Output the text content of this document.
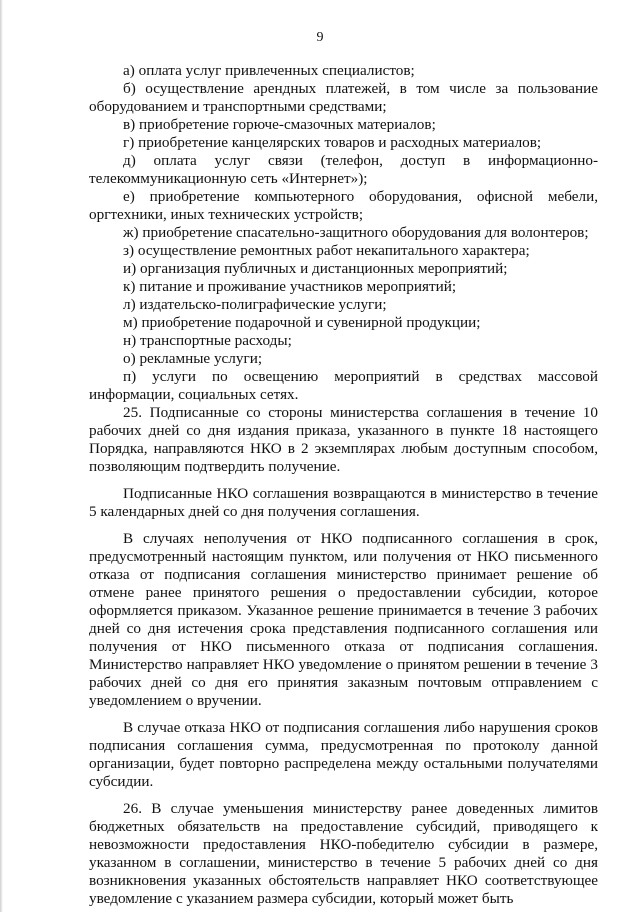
9

а) оплата услуг привлеченных специалистов;

б) осуществление арендных платежей, в том числе за пользование оборудованием и транспортными средствами;

в) приобретение горюче-смазочных материалов;

г) приобретение канцелярских товаров и расходных материалов;

д) оплата услуг связи (телефон, доступ в информационно-телекоммуникационную сеть «Интернет»);

е) приобретение компьютерного оборудования, офисной мебели, оргтехники, иных технических устройств;

ж) приобретение спасательно-защитного оборудования для волонтеров;

з) осуществление ремонтных работ некапитального характера;

и) организация публичных и дистанционных мероприятий;

к) питание и проживание участников мероприятий;

л) издательско-полиграфические услуги;

м) приобретение подарочной и сувенирной продукции;

н) транспортные расходы;

о) рекламные услуги;

п) услуги по освещению мероприятий в средствах массовой информации, социальных сетях.

25. Подписанные со стороны министерства соглашения в течение 10 рабочих дней со дня издания приказа, указанного в пункте 18 настоящего Порядка, направляются НКО в 2 экземплярах любым доступным способом, позволяющим подтвердить получение.

Подписанные НКО соглашения возвращаются в министерство в течение 5 календарных дней со дня получения соглашения.

В случаях неполучения от НКО подписанного соглашения в срок, предусмотренный настоящим пунктом, или получения от НКО письменного отказа от подписания соглашения министерство принимает решение об отмене ранее принятого решения о предоставлении субсидии, которое оформляется приказом. Указанное решение принимается в течение 3 рабочих дней со дня истечения срока представления подписанного соглашения или получения от НКО письменного отказа от подписания соглашения. Министерство направляет НКО уведомление о принятом решении в течение 3 рабочих дней со дня его принятия заказным почтовым отправлением с уведомлением о вручении.

В случае отказа НКО от подписания соглашения либо нарушения сроков подписания соглашения сумма, предусмотренная по протоколу данной организации, будет повторно распределена между остальными получателями субсидии.

26. В случае уменьшения министерству ранее доведенных лимитов бюджетных обязательств на предоставление субсидий, приводящего к невозможности предоставления НКО-победителю субсидии в размере, указанном в соглашении, министерство в течение 5 рабочих дней со дня возникновения указанных обстоятельств направляет НКО соответствующее уведомление с указанием размера субсидии, который может быть
